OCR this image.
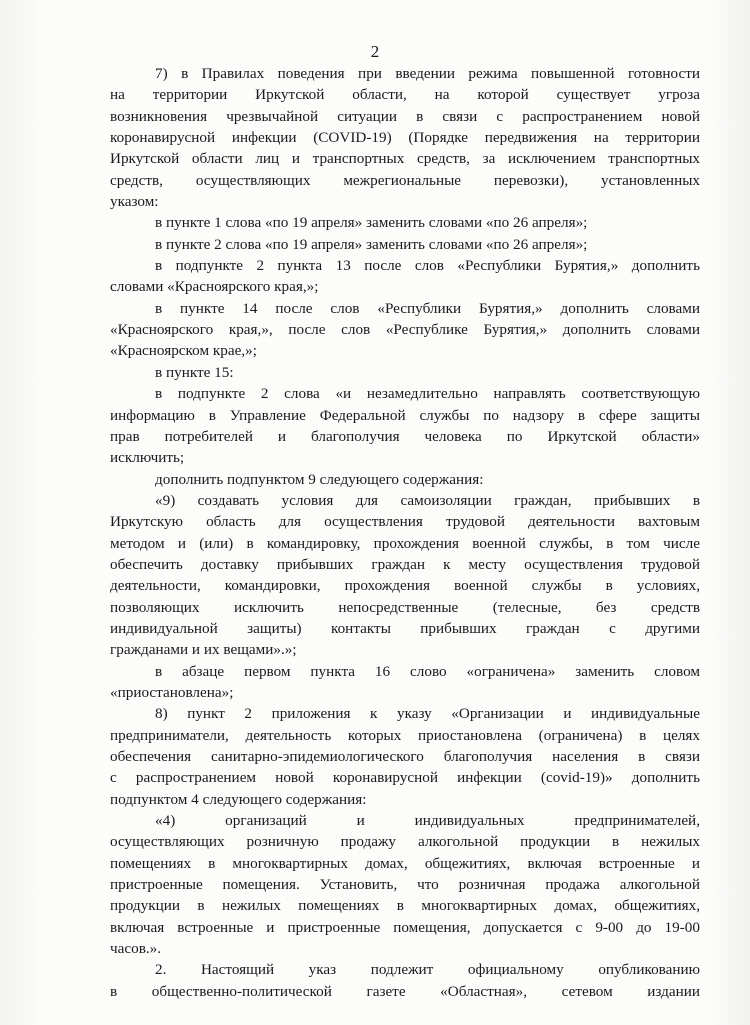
2
7) в Правилах поведения при введении режима повышенной готовности
на территории Иркутской области, на которой существует угроза
возникновения чрезвычайной ситуации в связи с распространением новой
коронавирусной инфекции (COVID-19) (Порядке передвижения на территории
Иркутской области лиц и транспортных средств, за исключением транспортных
средств, осуществляющих межрегиональные перевозки), установленных
указом:
в пункте 1 слова «по 19 апреля» заменить словами «по 26 апреля»;
в пункте 2 слова «по 19 апреля» заменить словами «по 26 апреля»;
в подпункте 2 пункта 13 после слов «Республики Бурятия,» дополнить
словами «Красноярского края,»;
в пункте 14 после слов «Республики Бурятия,» дополнить словами
«Красноярского края,», после слов «Республике Бурятия,» дополнить словами
«Красноярском крае,»;
в пункте 15:
в подпункте 2 слова «и незамедлительно направлять соответствующую
информацию в Управление Федеральной службы по надзору в сфере защиты
прав потребителей и благополучия человека по Иркутской области»
исключить;
дополнить подпунктом 9 следующего содержания:
«9) создавать условия для самоизоляции граждан, прибывших в
Иркутскую область для осуществления трудовой деятельности вахтовым
методом и (или) в командировку, прохождения военной службы, в том числе
обеспечить доставку прибывших граждан к месту осуществления трудовой
деятельности, командировки, прохождения военной службы в условиях,
позволяющих исключить непосредственные (телесные, без средств
индивидуальной защиты) контакты прибывших граждан с другими
гражданами и их вещами».»;
в абзаце первом пункта 16 слово «ограничена» заменить словом
«приостановлена»;
8) пункт 2 приложения к указу «Организации и индивидуальные
предприниматели, деятельность которых приостановлена (ограничена) в целях
обеспечения санитарно-эпидемиологического благополучия населения в связи
с распространением новой коронавирусной инфекции (covid-19)» дополнить
подпунктом 4 следующего содержания:
«4) организаций и индивидуальных предпринимателей,
осуществляющих розничную продажу алкогольной продукции в нежилых
помещениях в многоквартирных домах, общежитиях, включая встроенные и
пристроенные помещения. Установить, что розничная продажа алкогольной
продукции в нежилых помещениях в многоквартирных домах, общежитиях,
включая встроенные и пристроенные помещения, допускается с 9-00 до 19-00
часов.».
2. Настоящий указ подлежит официальному опубликованию
в общественно-политической газете «Областная», сетевом издании
